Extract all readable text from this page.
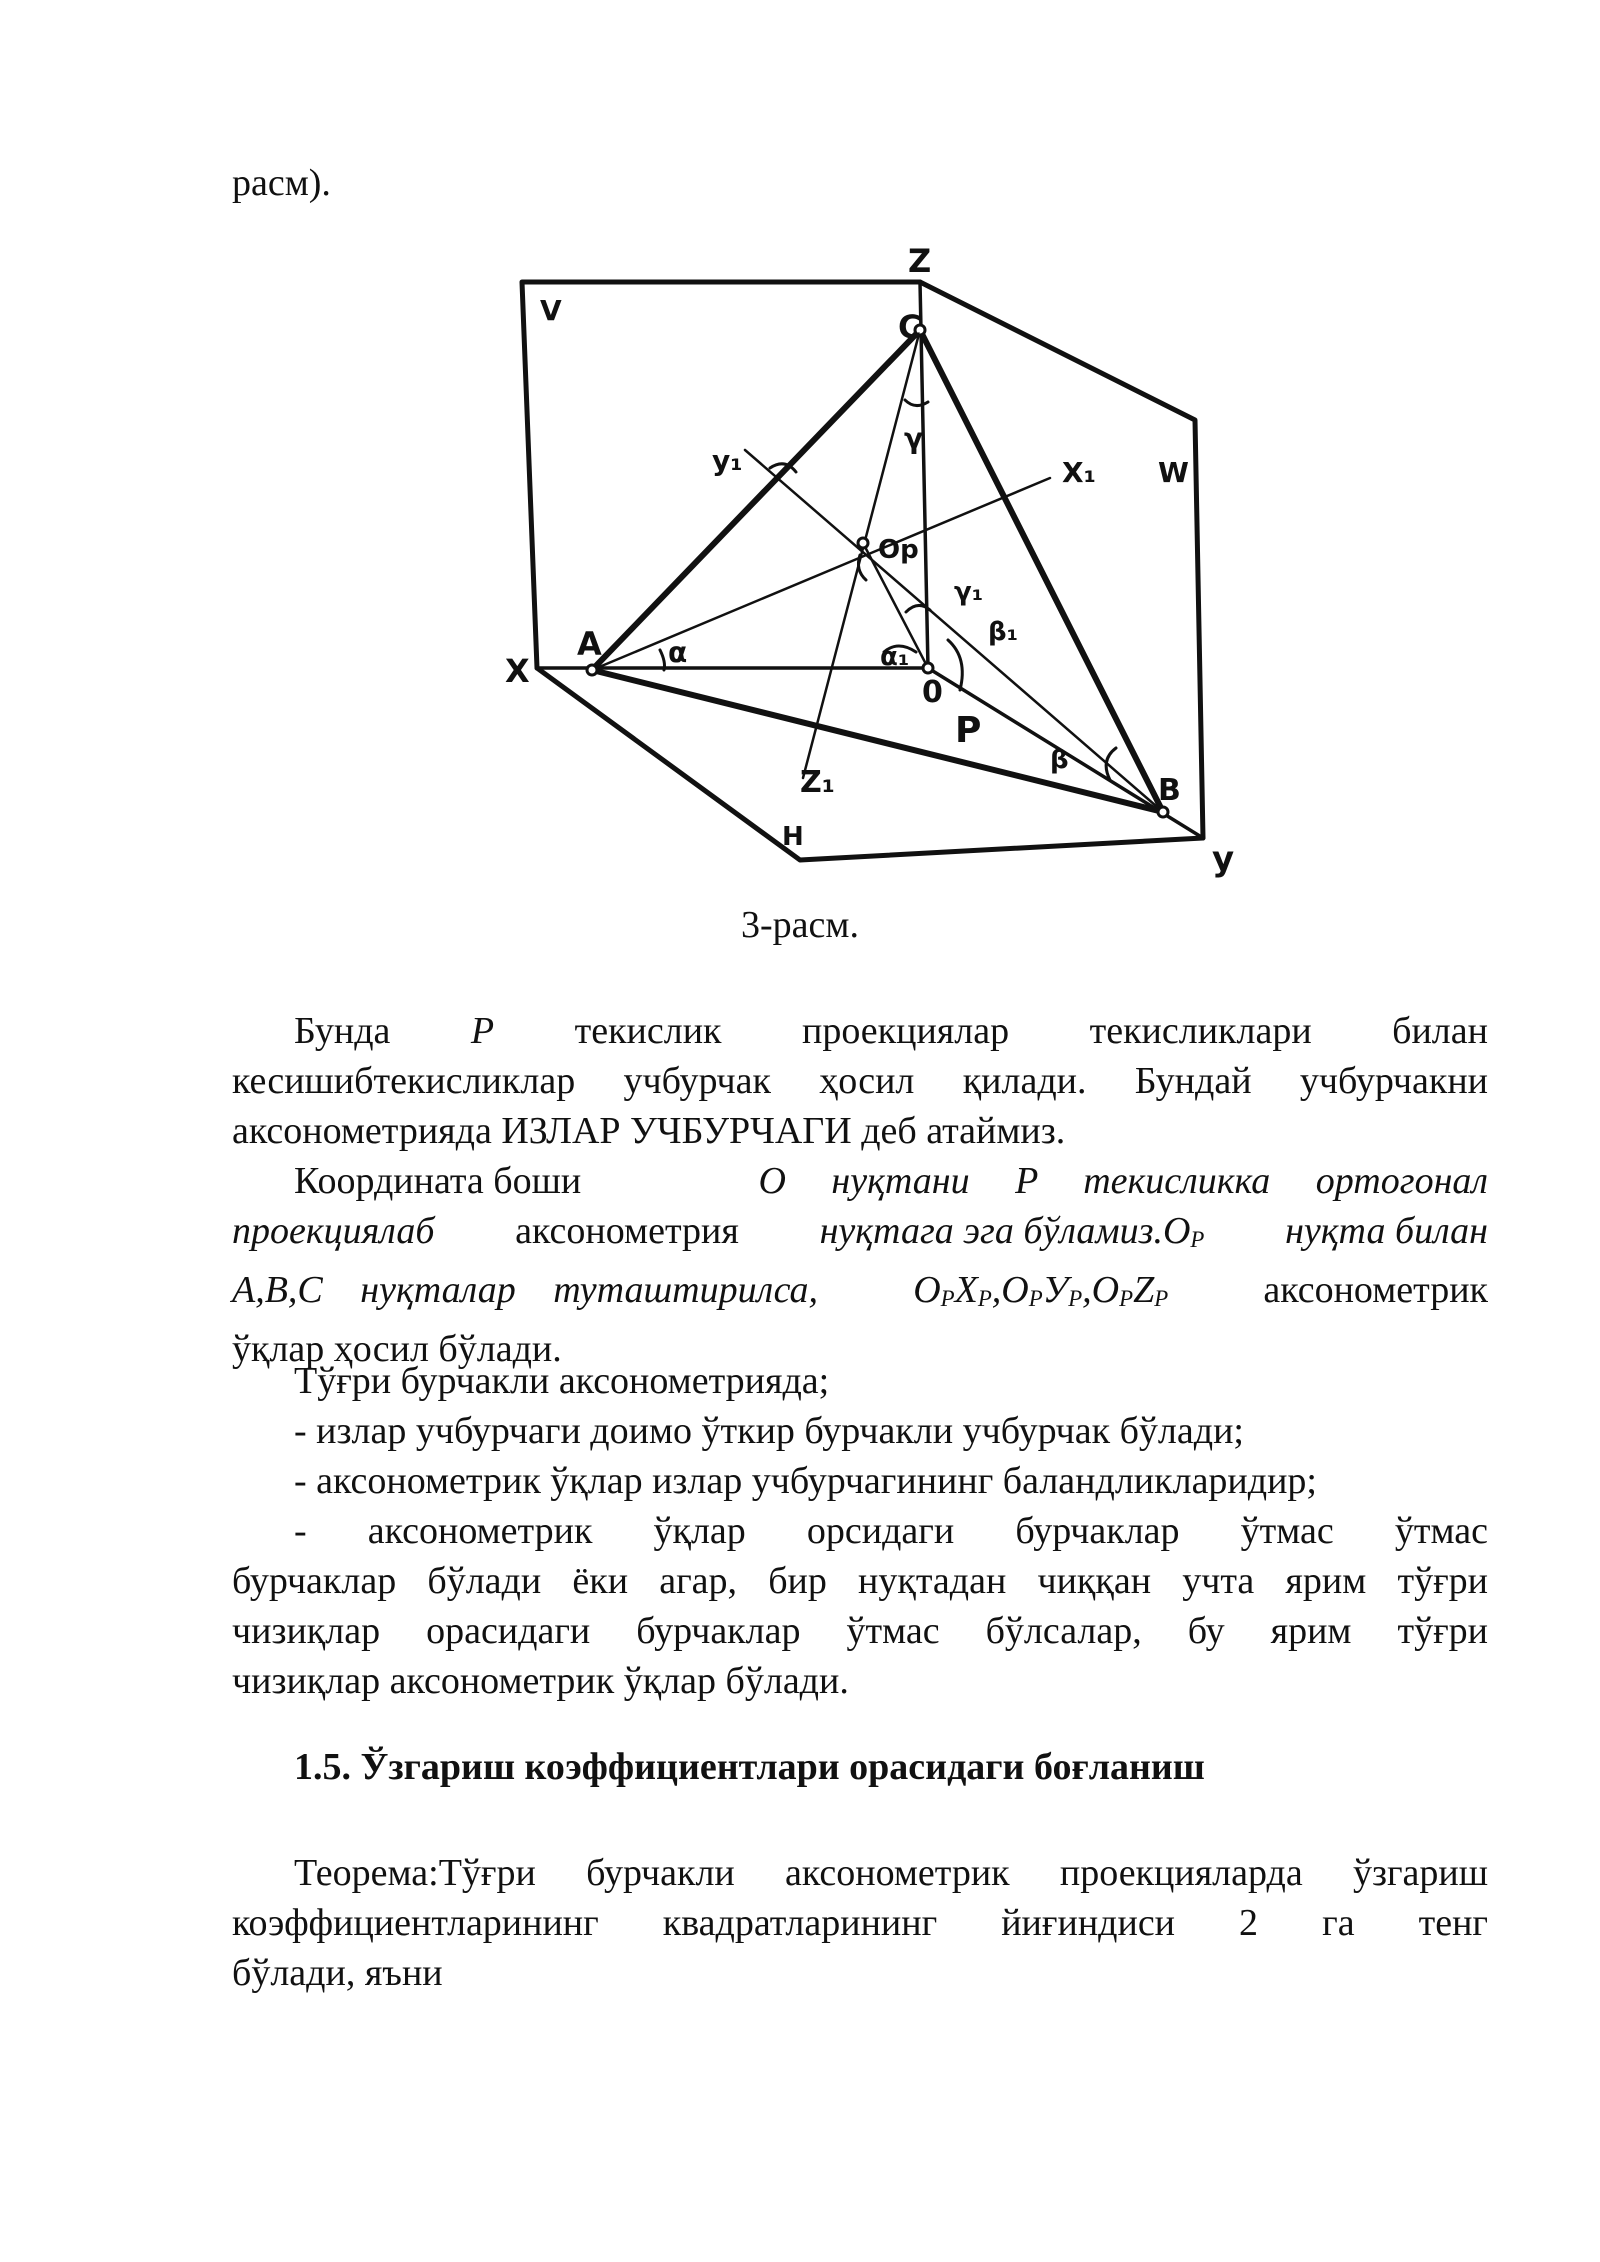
расм).
V
W
H
P
X
y
Z
C
A
B
0
Op
X₁
y₁
Z₁
α	α₁
β₁
γ
γ₁
β
3-расм.
Бунда P текислик проекциялар текисликлари билан
кесишибтекисликлар учбурчак ҳосил қилади. Бундай учбурчакни
аксонометрияда ИЗЛАР УЧБУРЧАГИ деб атаймиз.
Координата боши	O нуқтани P текисликка ортогонал
проекциялаб аксонометрия нуқтага эга $бўламиз.O_P$ нуқта билан
A,B,C нуқталар туташтирилса,	$O_PX_P,O_PУ_P,O_PZ_P$	аксонометрик
ўқлар ҳосил бўлади.
Тўғри бурчакли аксонометрияда;
- излар учбурчаги доимо ўткир бурчакли учбурчак бўлади;
- аксонометрик ўқлар излар учбурчагининг баландликларидир;
- аксонометрик ўқлар орсидаги бурчаклар ўтмас ўтмас
бурчаклар бўлади ёки агар, бир нуқтадан чиққан учта ярим тўғри
чизиқлар орасидаги бурчаклар ўтмас бўлсалар, бу ярим тўғри
чизиқлар аксонометрик ўқлар бўлади.
1.5. Ўзгариш коэффициентлари орасидаги боғланиш
Теорема:Тўғри бурчакли аксонометрик проекцияларда ўзгариш
коэффициентларининг квадратларининг йиғиндиси 2 га тенг
бўлади, яъни
